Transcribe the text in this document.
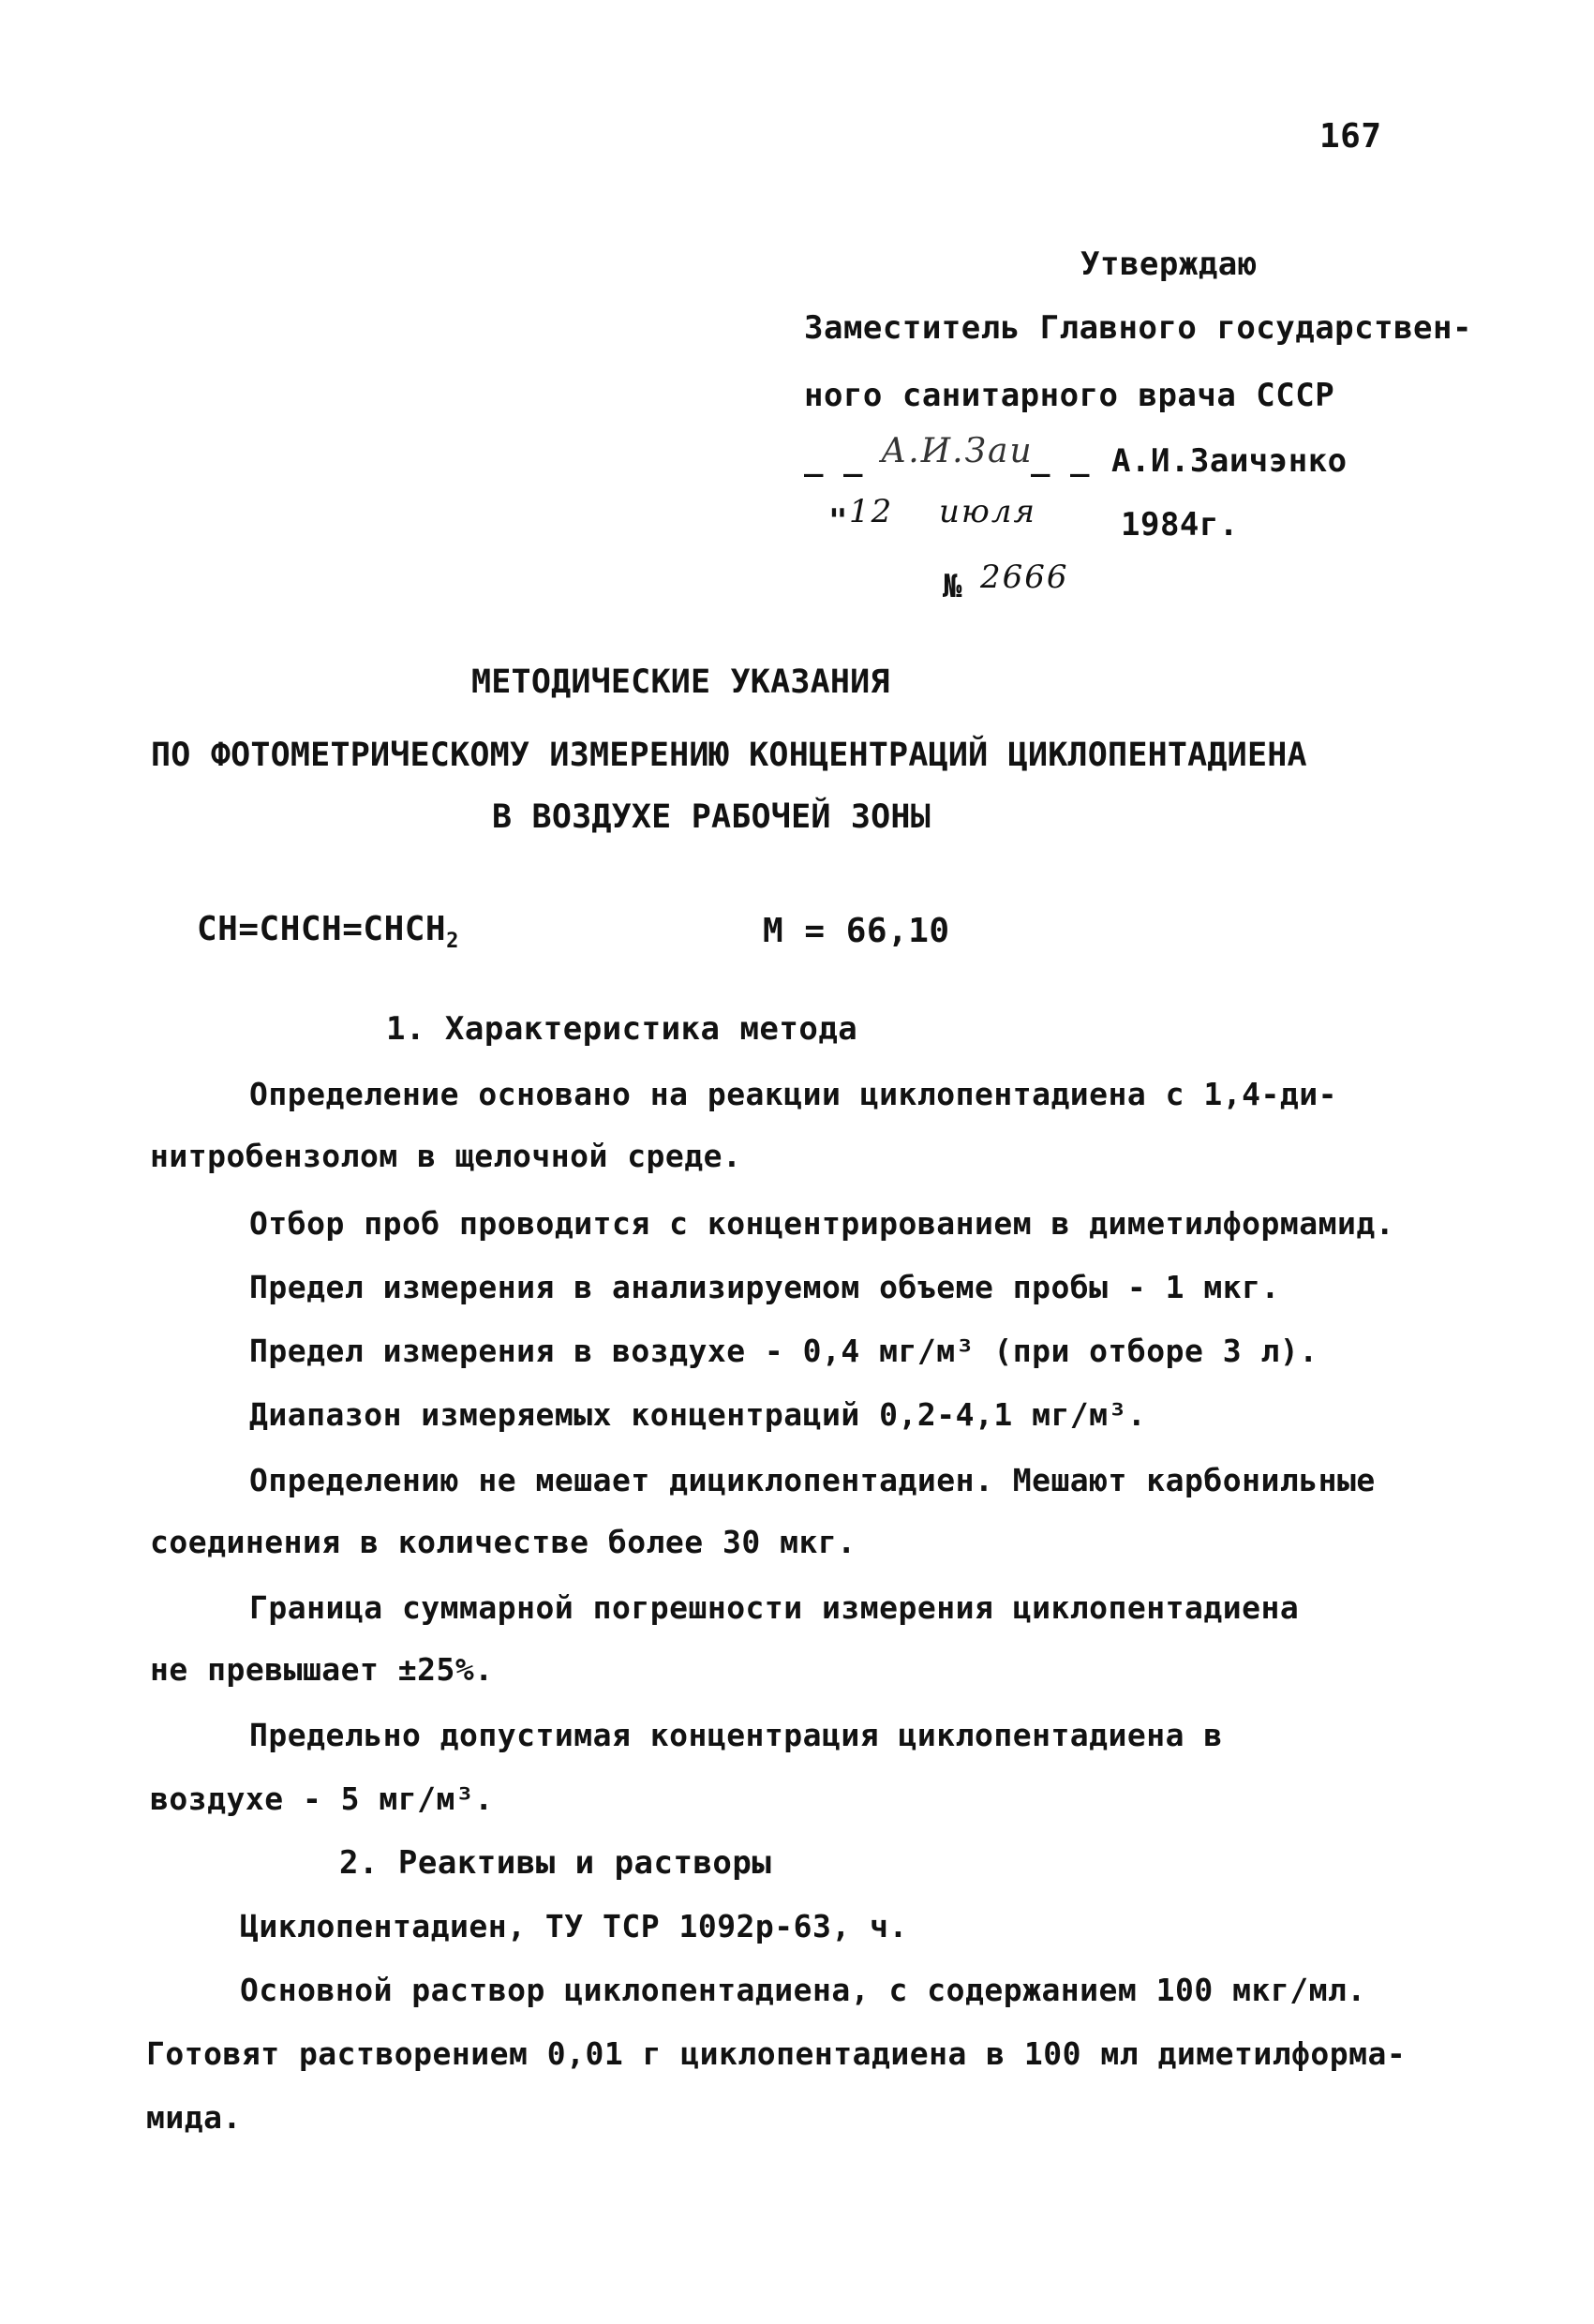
167
Утверждаю
Заместитель Главного государствен-
ного санитарного врача СССР
_ _ А.И.Заи
_ _ А.И.Заичэнко
" 12 июля	1984г.
№ 2666
МЕТОДИЧЕСКИЕ УКАЗАНИЯ
ПО ФОТОМЕТРИЧЕСКОМУ ИЗМЕРЕНИЮ КОНЦЕНТРАЦИЙ ЦИКЛОПЕНТАДИЕНА
В ВОЗДУХЕ РАБОЧЕЙ ЗОНЫ
$CH=CHCH=CHCH_2$	М = 66,10
1. Характеристика метода
Определение основано на реакции циклопентадиена с 1,4-ди-
нитробензолом в щелочной среде.
Отбор проб проводится с концентрированием в диметилформамид.
Предел измерения в анализируемом объеме пробы - 1 мкг.
Предел измерения в воздухе - 0,4 мг/м³ (при отборе 3 л).
Диапазон измеряемых концентраций 0,2-4,1 мг/м³.
Определению не мешает дициклопентадиен. Мешают карбонильные
соединения в количестве более 30 мкг.
Граница суммарной погрешности измерения циклопентадиена
не превышает ±25%.
Предельно допустимая концентрация циклопентадиена в
воздухе - 5 мг/м³.
2. Реактивы и растворы
Циклопентадиен, ТУ ТСР 1092р-63, ч.
Основной раствор циклопентадиена, с содержанием 100 мкг/мл.
Готовят растворением 0,01 г циклопентадиена в 100 мл диметилформа-
мида.
